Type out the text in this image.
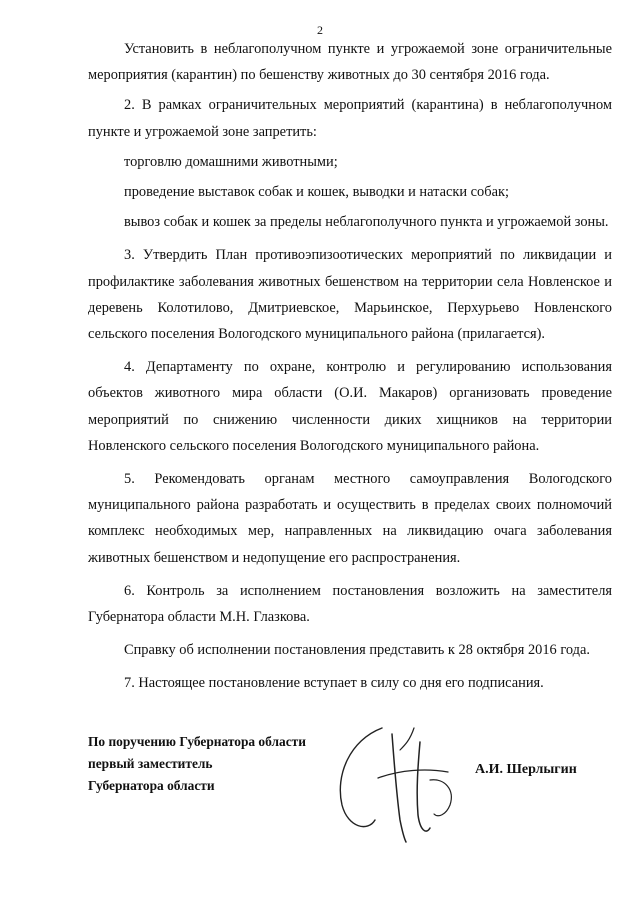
2

Установить в неблагополучном пункте и угрожаемой зоне ограничительные мероприятия (карантин) по бешенству животных до 30 сентября 2016 года.

2. В рамках ограничительных мероприятий (карантина) в неблагополучном пункте и угрожаемой зоне запретить:

торговлю домашними животными;

проведение выставок собак и кошек, выводки и натаски собак;

вывоз собак и кошек за пределы неблагополучного пункта и угрожаемой зоны.

3. Утвердить План противоэпизоотических мероприятий по ликвидации и профилактике заболевания животных бешенством на территории села Новленское и деревень Колотилово, Дмитриевское, Марьинское, Перхурьево Новленского сельского поселения Вологодского муниципального района (прилагается).

4. Департаменту по охране, контролю и регулированию использования объектов животного мира области (О.И. Макаров) организовать проведение мероприятий по снижению численности диких хищников на территории Новленского сельского поселения Вологодского муниципального района.

5. Рекомендовать органам местного самоуправления Вологодского муниципального района разработать и осуществить в пределах своих полномочий комплекс необходимых мер, направленных на ликвидацию очага заболевания животных бешенством и недопущение его распространения.

6. Контроль за исполнением постановления возложить на заместителя Губернатора области М.Н. Глазкова.

Справку об исполнении постановления представить к 28 октября 2016 года.

7. Настоящее постановление вступает в силу со дня его подписания.

По поручению Губернатора области
первый заместитель
Губернатора области
А.И. Шерлыгин
